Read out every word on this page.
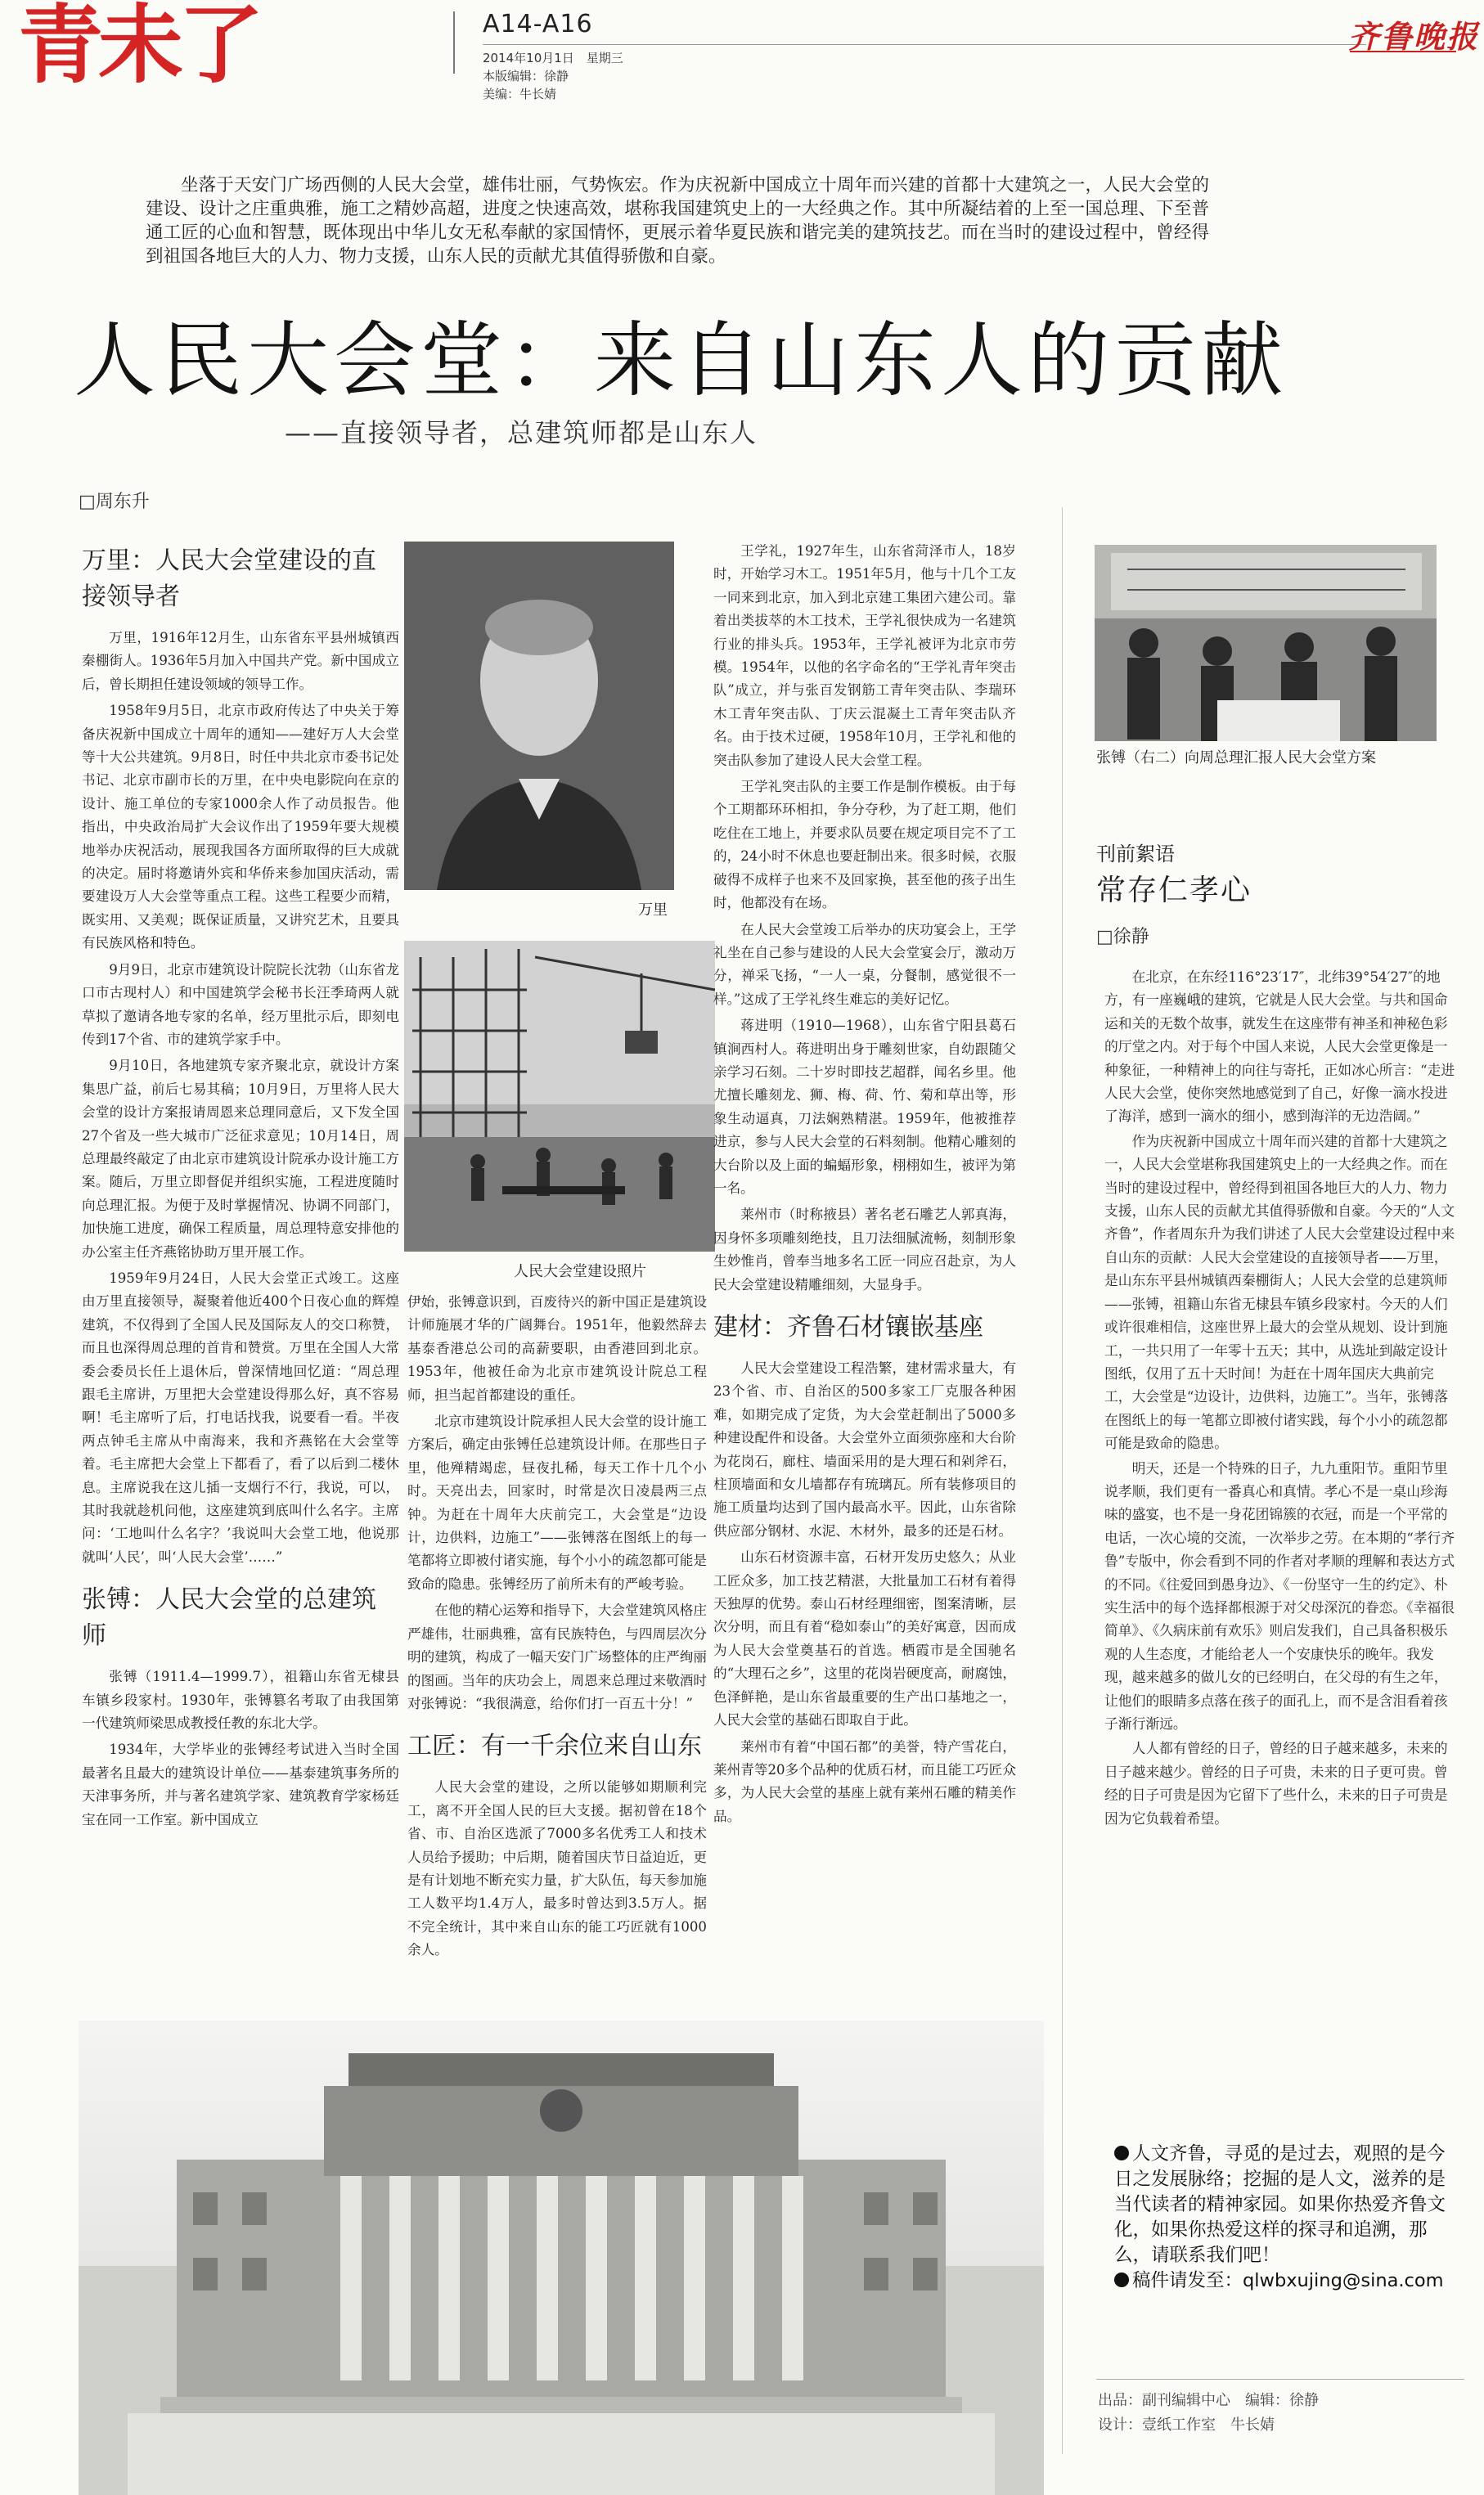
青未了	A14-A16
2014年10月1日　星期三
本版编辑：徐静
美编：牛长婧
齐鲁晚报
坐落于天安门广场西侧的人民大会堂，雄伟壮丽，气势恢宏。作为庆祝新中国成立十周年而兴建的首都十大建筑之一，人民大会堂的建设、设计之庄重典雅，施工之精妙高超，进度之快速高效，堪称我国建筑史上的一大经典之作。其中所凝结着的上至一国总理、下至普通工匠的心血和智慧，既体现出中华儿女无私奉献的家国情怀，更展示着华夏民族和谐完美的建筑技艺。而在当时的建设过程中，曾经得到祖国各地巨大的人力、物力支援，山东人民的贡献尤其值得骄傲和自豪。
人民大会堂：来自山东人的贡献
——直接领导者，总建筑师都是山东人
□周东升
万里：人民大会堂建设的直接领导者

万里，1916年12月生，山东省东平县州城镇西秦棚街人。1936年5月加入中国共产党。新中国成立后，曾长期担任建设领域的领导工作。

1958年9月5日，北京市政府传达了中央关于筹备庆祝新中国成立十周年的通知——建好万人大会堂等十大公共建筑。9月8日，时任中共北京市委书记处书记、北京市副市长的万里，在中央电影院向在京的设计、施工单位的专家1000余人作了动员报告。他指出，中央政治局扩大会议作出了1959年要大规模地举办庆祝活动，展现我国各方面所取得的巨大成就的决定。届时将邀请外宾和华侨来参加国庆活动，需要建设万人大会堂等重点工程。这些工程要少而精，既实用、又美观；既保证质量，又讲究艺术，且要具有民族风格和特色。

9月9日，北京市建筑设计院院长沈勃（山东省龙口市古现村人）和中国建筑学会秘书长汪季琦两人就草拟了邀请各地专家的名单，经万里批示后，即刻电传到17个省、市的建筑学家手中。

9月10日，各地建筑专家齐聚北京，就设计方案集思广益，前后七易其稿；10月9日，万里将人民大会堂的设计方案报请周恩来总理同意后，又下发全国27个省及一些大城市广泛征求意见；10月14日，周总理最终敲定了由北京市建筑设计院承办设计施工方案。随后，万里立即督促并组织实施，工程进度随时向总理汇报。为便于及时掌握情况、协调不同部门，加快施工进度，确保工程质量，周总理特意安排他的办公室主任齐燕铭协助万里开展工作。

1959年9月24日，人民大会堂正式竣工。这座由万里直接领导，凝聚着他近400个日夜心血的辉煌建筑，不仅得到了全国人民及国际友人的交口称赞，而且也深得周总理的首肯和赞赏。万里在全国人大常委会委员长任上退休后，曾深情地回忆道：“周总理跟毛主席讲，万里把大会堂建设得那么好，真不容易啊！毛主席听了后，打电话找我，说要看一看。半夜两点钟毛主席从中南海来，我和齐燕铭在大会堂等着。毛主席把大会堂上下都看了，看了以后到二楼休息。主席说我在这儿插一支烟行不行，我说，可以，其时我就趁机问他，这座建筑到底叫什么名字。主席问：‘工地叫什么名字？’我说叫大会堂工地，他说那就叫‘人民’，叫‘人民大会堂’……”

张镈：人民大会堂的总建筑师

张镈（1911.4—1999.7），祖籍山东省无棣县车镇乡段家村。1930年，张镈篡名考取了由我国第一代建筑师梁思成教授任教的东北大学。

1934年，大学毕业的张镈经考试进入当时全国最著名且最大的建筑设计单位——基泰建筑事务所的天津事务所，并与著名建筑学家、建筑教育学家杨廷宝在同一工作室。新中国成立

万里
人民大会堂建设照片

伊始，张镈意识到，百废待兴的新中国正是建筑设计师施展才华的广阔舞台。1951年，他毅然辞去基泰香港总公司的高薪要职，由香港回到北京。1953年，他被任命为北京市建筑设计院总工程师，担当起首都建设的重任。

北京市建筑设计院承担人民大会堂的设计施工方案后，确定由张镈任总建筑设计师。在那些日子里，他殚精竭虑，昼夜扎稀，每天工作十几个小时。天亮出去，回家时，时常是次日凌晨两三点钟。为赶在十周年大庆前完工，大会堂是“边设计，边供料，边施工”——张镈落在图纸上的每一笔都将立即被付诸实施，每个小小的疏忽都可能是致命的隐患。张镈经历了前所未有的严峻考验。

在他的精心运筹和指导下，大会堂建筑风格庄严雄伟，壮丽典雅，富有民族特色，与四周层次分明的建筑，构成了一幅天安门广场整体的庄严绚丽的图画。当年的庆功会上，周恩来总理过来敬酒时对张镈说：“我很满意，给你们打一百五十分！”

工匠：有一千余位来自山东

人民大会堂的建设，之所以能够如期顺利完工，离不开全国人民的巨大支援。据初曾在18个省、市、自治区选派了7000多名优秀工人和技术人员给予援助；中后期，随着国庆节日益迫近，更是有计划地不断充实力量，扩大队伍，每天参加施工人数平均1.4万人，最多时曾达到3.5万人。据不完全统计，其中来自山东的能工巧匠就有1000余人。

王学礼，1927年生，山东省菏泽市人，18岁时，开始学习木工。1951年5月，他与十几个工友一同来到北京，加入到北京建工集团六建公司。靠着出类拔萃的木工技术，王学礼很快成为一名建筑行业的排头兵。1953年，王学礼被评为北京市劳模。1954年，以他的名字命名的“王学礼青年突击队”成立，并与张百发钢筋工青年突击队、李瑞环木工青年突击队、丁庆云混凝土工青年突击队齐名。由于技术过硬，1958年10月，王学礼和他的突击队参加了建设人民大会堂工程。

王学礼突击队的主要工作是制作模板。由于每个工期都环环相扣，争分夺秒，为了赶工期，他们吃住在工地上，并要求队员要在规定项目完不了工的，24小时不休息也要赶制出来。很多时候，衣服破得不成样子也来不及回家换，甚至他的孩子出生时，他都没有在场。

在人民大会堂竣工后举办的庆功宴会上，王学礼坐在自己参与建设的人民大会堂宴会厅，激动万分，禅采飞扬，“一人一桌，分餐制，感觉很不一样。”这成了王学礼终生难忘的美好记忆。

蒋进明（1910—1968），山东省宁阳县葛石镇涧西村人。蒋进明出身于雕刻世家，自幼跟随父亲学习石刻。二十岁时即技艺超群，闻名乡里。他尤擅长雕刻龙、狮、梅、荷、竹、菊和草出等，形象生动逼真，刀法娴熟精湛。1959年，他被推荐进京，参与人民大会堂的石料刻制。他精心雕刻的大台阶以及上面的蝙蝠形象，栩栩如生，被评为第一名。

莱州市（时称掖县）著名老石雕艺人郭真海，因身怀多项雕刻绝技，且刀法细腻流畅，刻制形象生妙惟肖，曾奉当地多名工匠一同应召赴京，为人民大会堂建设精雕细刻，大显身手。

建材：齐鲁石材镶嵌基座

人民大会堂建设工程浩繁，建材需求量大，有23个省、市、自治区的500多家工厂克服各种困难，如期完成了定货，为大会堂赶制出了5000多种建设配件和设备。大会堂外立面须弥座和大台阶为花岗石，廊柱、墙面采用的是大理石和剁斧石，柱顶墙面和女儿墙都存有琉璃瓦。所有装修项目的施工质量均达到了国内最高水平。因此，山东省除供应部分钢材、水泥、木材外，最多的还是石材。

山东石材资源丰富，石材开发历史悠久；从业工匠众多，加工技艺精湛，大批量加工石材有着得天独厚的优势。泰山石材经理细密，图案清晰，层次分明，而且有着“稳如泰山”的美好寓意，因而成为人民大会堂奠基石的首选。栖霞市是全国驰名的“大理石之乡”，这里的花岗岩硬度高，耐腐蚀，色泽鲜艳，是山东省最重要的生产出口基地之一，人民大会堂的基础石即取自于此。

莱州市有着“中国石都”的美誉，特产雪花白，莱州青等20多个品种的优质石材，而且能工巧匠众多，为人民大会堂的基座上就有莱州石雕的精美作品。

张镈（右二）向周总理汇报人民大会堂方案
刊前絮语
常存仁孝心
□徐静

在北京，在东经116°23′17″，北纬39°54′27″的地方，有一座巍峨的建筑，它就是人民大会堂。与共和国命运和关的无数个故事，就发生在这座带有神圣和神秘色彩的厅堂之内。对于每个中国人来说，人民大会堂更像是一种象征，一种精神上的向往与寄托，正如冰心所言：“走进人民大会堂，使你突然地感觉到了自己，好像一滴水投进了海洋，感到一滴水的细小，感到海洋的无边浩阔。”

作为庆祝新中国成立十周年而兴建的首都十大建筑之一，人民大会堂堪称我国建筑史上的一大经典之作。而在当时的建设过程中，曾经得到祖国各地巨大的人力、物力支援，山东人民的贡献尤其值得骄傲和自豪。今天的“人文齐鲁”，作者周东升为我们讲述了人民大会堂建设过程中来自山东的贡献：人民大会堂建设的直接领导者——万里，是山东东平县州城镇西秦棚街人；人民大会堂的总建筑师——张镈，祖籍山东省无棣县车镇乡段家村。今天的人们或许很难相信，这座世界上最大的会堂从规划、设计到施工，一共只用了一年零十五天；其中，从选址到敲定设计图纸，仅用了五十天时间！为赶在十周年国庆大典前完工，大会堂是“边设计，边供料，边施工”。当年，张镈落在图纸上的每一笔都立即被付诸实践，每个小小的疏忽都可能是致命的隐患。

明天，还是一个特殊的日子，九九重阳节。重阳节里说孝顺，我们更有一番真心和真情。孝心不是一桌山珍海味的盛宴，也不是一身花团锦簇的衣冠，而是一个平常的电话，一次心境的交流，一次举步之劳。在本期的“孝行齐鲁”专版中，你会看到不同的作者对孝顺的理解和表达方式的不同。《往爱回到愚身边》、《一份坚守一生的约定》、朴实生活中的每个选择都根源于对父母深沉的眷恋。《幸福很简单》、《久病床前有欢乐》则启发我们，自己具备积极乐观的人生态度，才能给老人一个安康快乐的晚年。我发现，越来越多的做儿女的已经明白，在父母的有生之年，让他们的眼睛多点落在孩子的面孔上，而不是含泪看着孩子渐行渐远。

人人都有曾经的日子，曾经的日子越来越多，未来的日子越来越少。曾经的日子可贵，未来的日子更可贵。曾经的日子可贵是因为它留下了些什么，未来的日子可贵是因为它负载着希望。

人文齐鲁，寻觅的是过去，观照的是今日之发展脉络；挖掘的是人文，滋养的是当代读者的精神家园。如果你热爱齐鲁文化，如果你热爱这样的探寻和追溯，那么，请联系我们吧！

稿件请发至：qlwbxujing@sina.com

出品：副刊编辑中心　编辑：徐静
设计：壹纸工作室　牛长婧
